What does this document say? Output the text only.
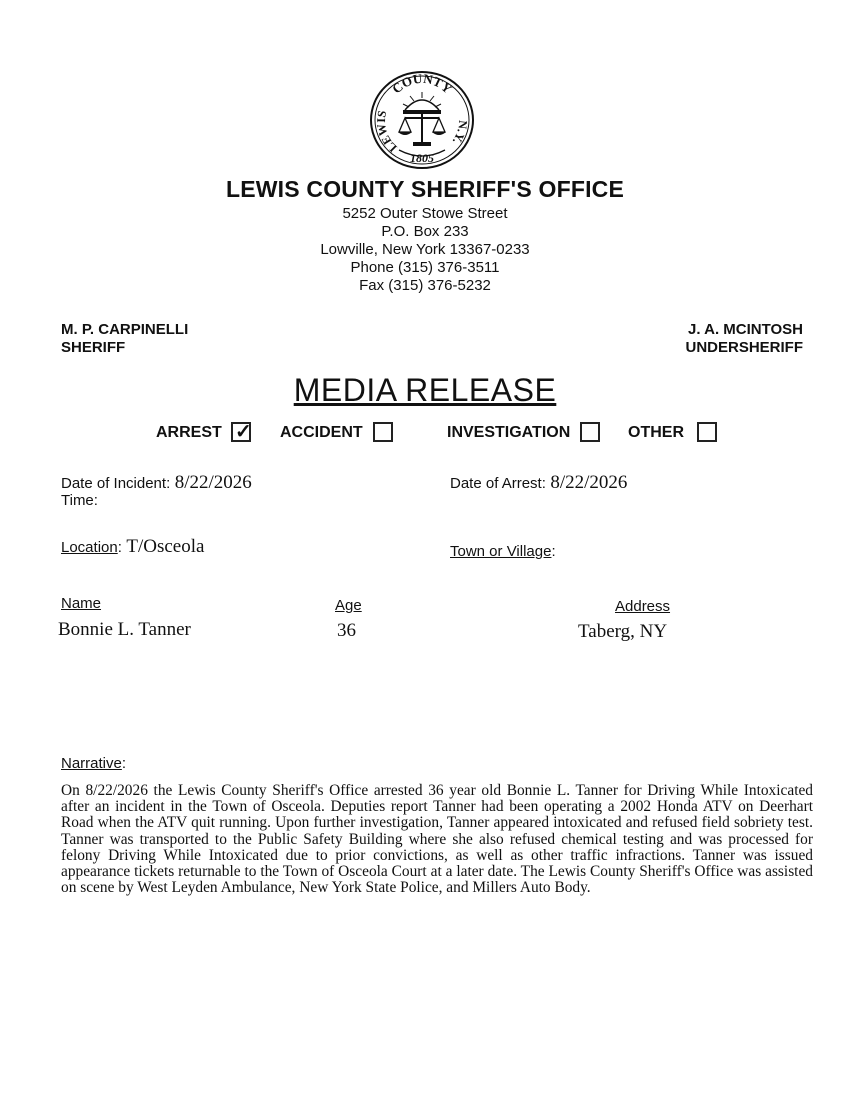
COUNTY
LEWIS
N.Y.
1805
LEWIS COUNTY SHERIFF'S OFFICE
5252 Outer Stowe Street
P.O. Box 233
Lowville, New York 13367-0233
Phone (315) 376-3511
Fax (315) 376-5232
M. P. CARPINELLI
SHERIFF
J. A. MCINTOSH
UNDERSHERIFF
MEDIA RELEASE
ARREST ✓ ACCIDENT	INVESTIGATION	OTHER
Date of Incident: 8/22/2026
Time:
Date of Arrest: 8/22/2026
Location: T/Osceola	Town or Village:
Name	Age	Address
Bonnie L. Tanner	36	Taberg, NY
Narrative:
On 8/22/2026 the Lewis County Sheriff's Office arrested 36 year old Bonnie L. Tanner for Driving While Intoxicated after an incident in the Town of Osceola. Deputies report Tanner had been operating a 2002 Honda ATV on Deerhart Road when the ATV quit running. Upon further investigation, Tanner appeared intoxicated and refused field sobriety test. Tanner was transported to the Public Safety Building where she also refused chemical testing and was processed for felony Driving While Intoxicated due to prior convictions, as well as other traffic infractions. Tanner was issued appearance tickets returnable to the Town of Osceola Court at a later date. The Lewis County Sheriff's Office was assisted on scene by West Leyden Ambulance, New York State Police, and Millers Auto Body.
